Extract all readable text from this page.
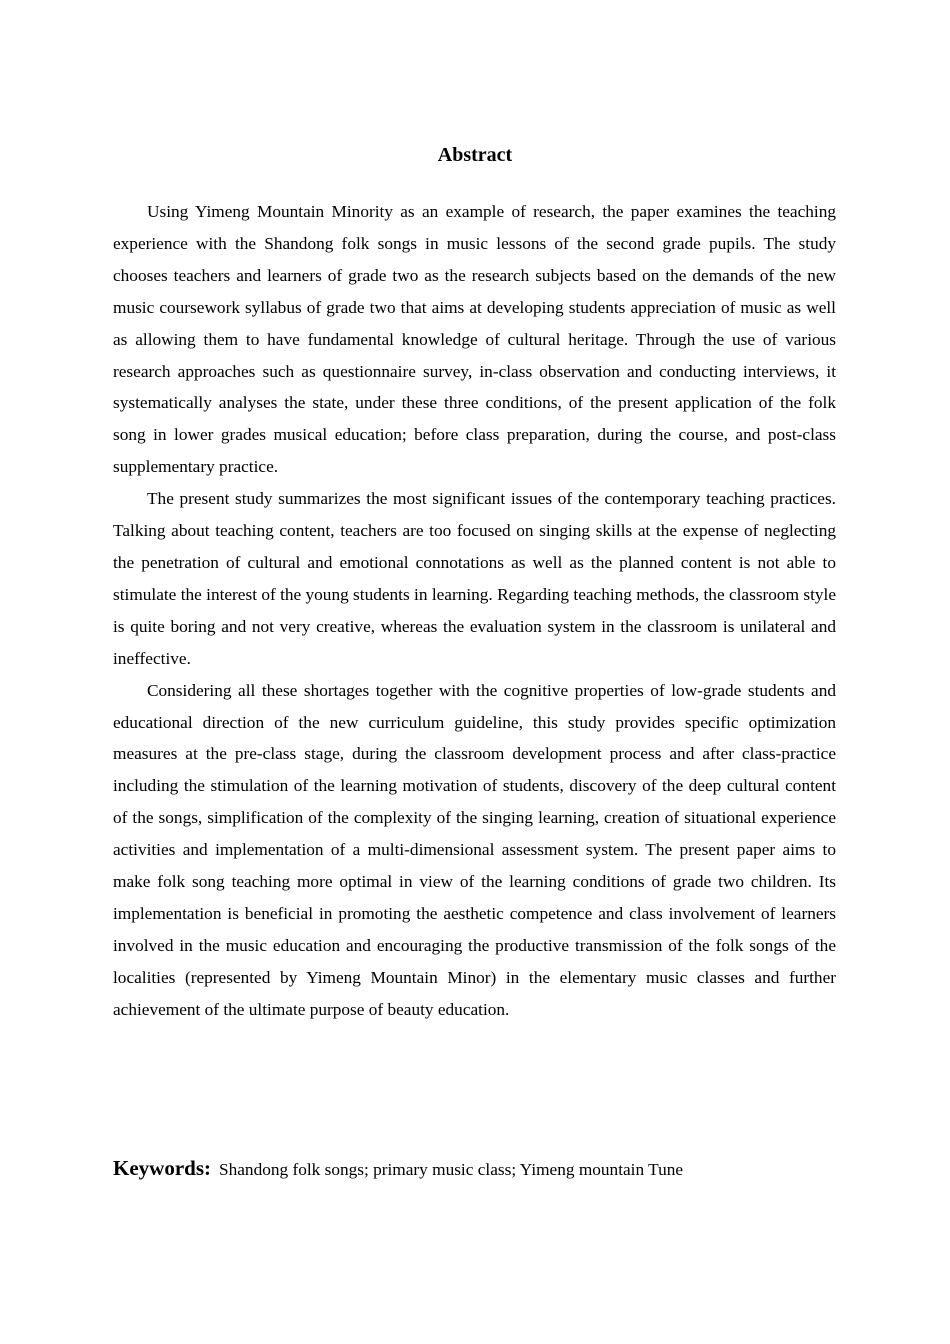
Abstract

Using Yimeng Mountain Minority as an example of research, the paper examines the teaching experience with the Shandong folk songs in music lessons of the second grade pupils. The study chooses teachers and learners of grade two as the research subjects based on the demands of the new music coursework syllabus of grade two that aims at developing students appreciation of music as well as allowing them to have fundamental knowledge of cultural heritage. Through the use of various research approaches such as questionnaire survey, in-class observation and conducting interviews, it systematically analyses the state, under these three conditions, of the present application of the folk song in lower grades musical education; before class preparation, during the course, and post-class supplementary practice.

The present study summarizes the most significant issues of the contemporary teaching practices. Talking about teaching content, teachers are too focused on singing skills at the expense of neglecting the penetration of cultural and emotional connotations as well as the planned content is not able to stimulate the interest of the young students in learning. Regarding teaching methods, the classroom style is quite boring and not very creative, whereas the evaluation system in the classroom is unilateral and ineffective.

Considering all these shortages together with the cognitive properties of low-grade students and educational direction of the new curriculum guideline, this study provides specific optimization measures at the pre-class stage, during the classroom development process and after class-practice including the stimulation of the learning motivation of students, discovery of the deep cultural content of the songs, simplification of the complexity of the singing learning, creation of situational experience activities and implementation of a multi-dimensional assessment system. The present paper aims to make folk song teaching more optimal in view of the learning conditions of grade two children. Its implementation is beneficial in promoting the aesthetic competence and class involvement of learners involved in the music education and encouraging the productive transmission of the folk songs of the localities (represented by Yimeng Mountain Minor) in the elementary music classes and further achievement of the ultimate purpose of beauty education.

Keywords: Shandong folk songs; primary music class; Yimeng mountain Tune
